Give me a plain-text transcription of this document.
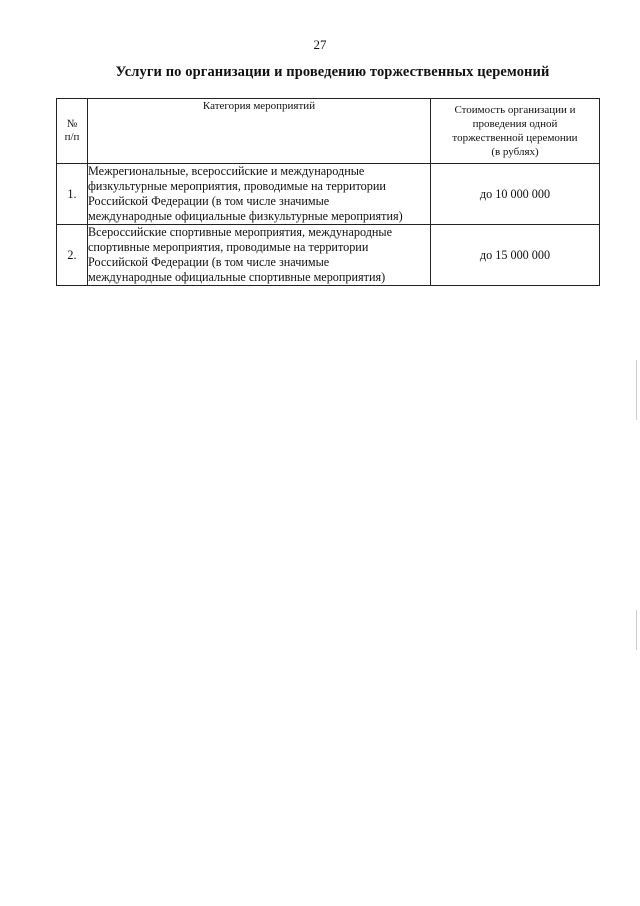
27
Услуги по организации и проведению торжественных церемоний
№
п/п	Категория мероприятий	Стоимость организации и
проведения одной
торжественной церемонии
(в рублях)

1.	Межрегиональные, всероссийские и международные
физкультурные мероприятия, проводимые на территории
Российской Федерации (в том числе значимые
международные официальные физкультурные мероприятия)	до 10 000 000
2.	Всероссийские спортивные мероприятия, международные
спортивные мероприятия, проводимые на территории
Российской Федерации (в том числе значимые
международные официальные спортивные мероприятия)	до 15 000 000
